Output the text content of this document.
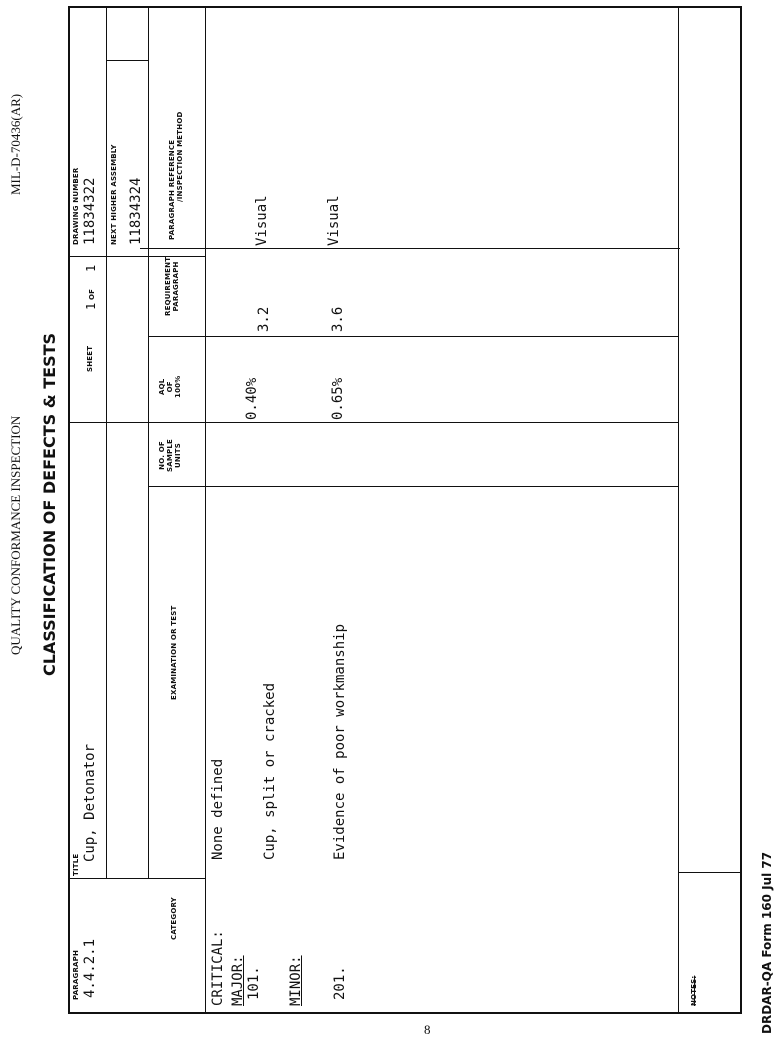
QUALITY CONFORMANCE INSPECTION
MIL-D-70436(AR)
CLASSIFICATION OF DEFECTS & TESTS
PARAGRAPH 4.4.2.1
TITLE
Cup, Detonator
SHEET
1
OF
1
DRAWING NUMBER 11834322 NEXT HIGHER ASSEMBLY 11834324
CATEGORY
EXAMINATION OR TEST
NO. OF SAMPLE UNITS
AQL OF 100%
REQUIREMENT PARAGRAPH
PARAGRAPH REFERENCE /INSPECTION METHOD
CRITICAL:
None defined
MAJOR: 101.
Cup, split or cracked
0.40%
3.2
Visual
MINOR: 201.
Evidence of poor workmanship
0.65%
3.6
Visual
NOTES:	DRDAR-QA Form 160 Jul 77
8
